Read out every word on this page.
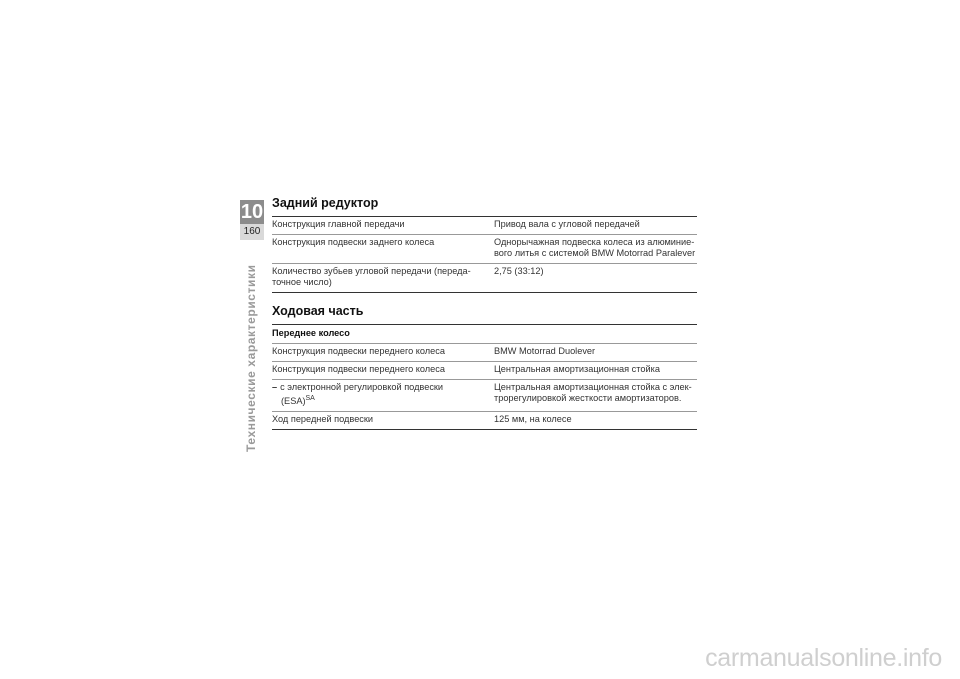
10
160
Технические характеристики
Задний редуктор
Конструкция главной передачи	Привод вала с угловой передачей
Конструкция подвески заднего колеса	Однорычажная подвеска колеса из алюминие-вого литья с системой BMW Motorrad Paralever
Количество зубьев угловой передачи (переда-точное число)	2,75 (33:12)
Ходовая часть
Переднее колесо	
Конструкция подвески переднего колеса	BMW Motorrad Duolever
Конструкция подвески переднего колеса	Центральная амортизационная стойка
– с электронной регулировкой подвески
(ESA)$^{SA}$	Центральная амортизационная стойка с элек-трорегулировкой жесткости амортизаторов.
Ход передней подвески	125 мм, на колесе
carmanualsonline.info
